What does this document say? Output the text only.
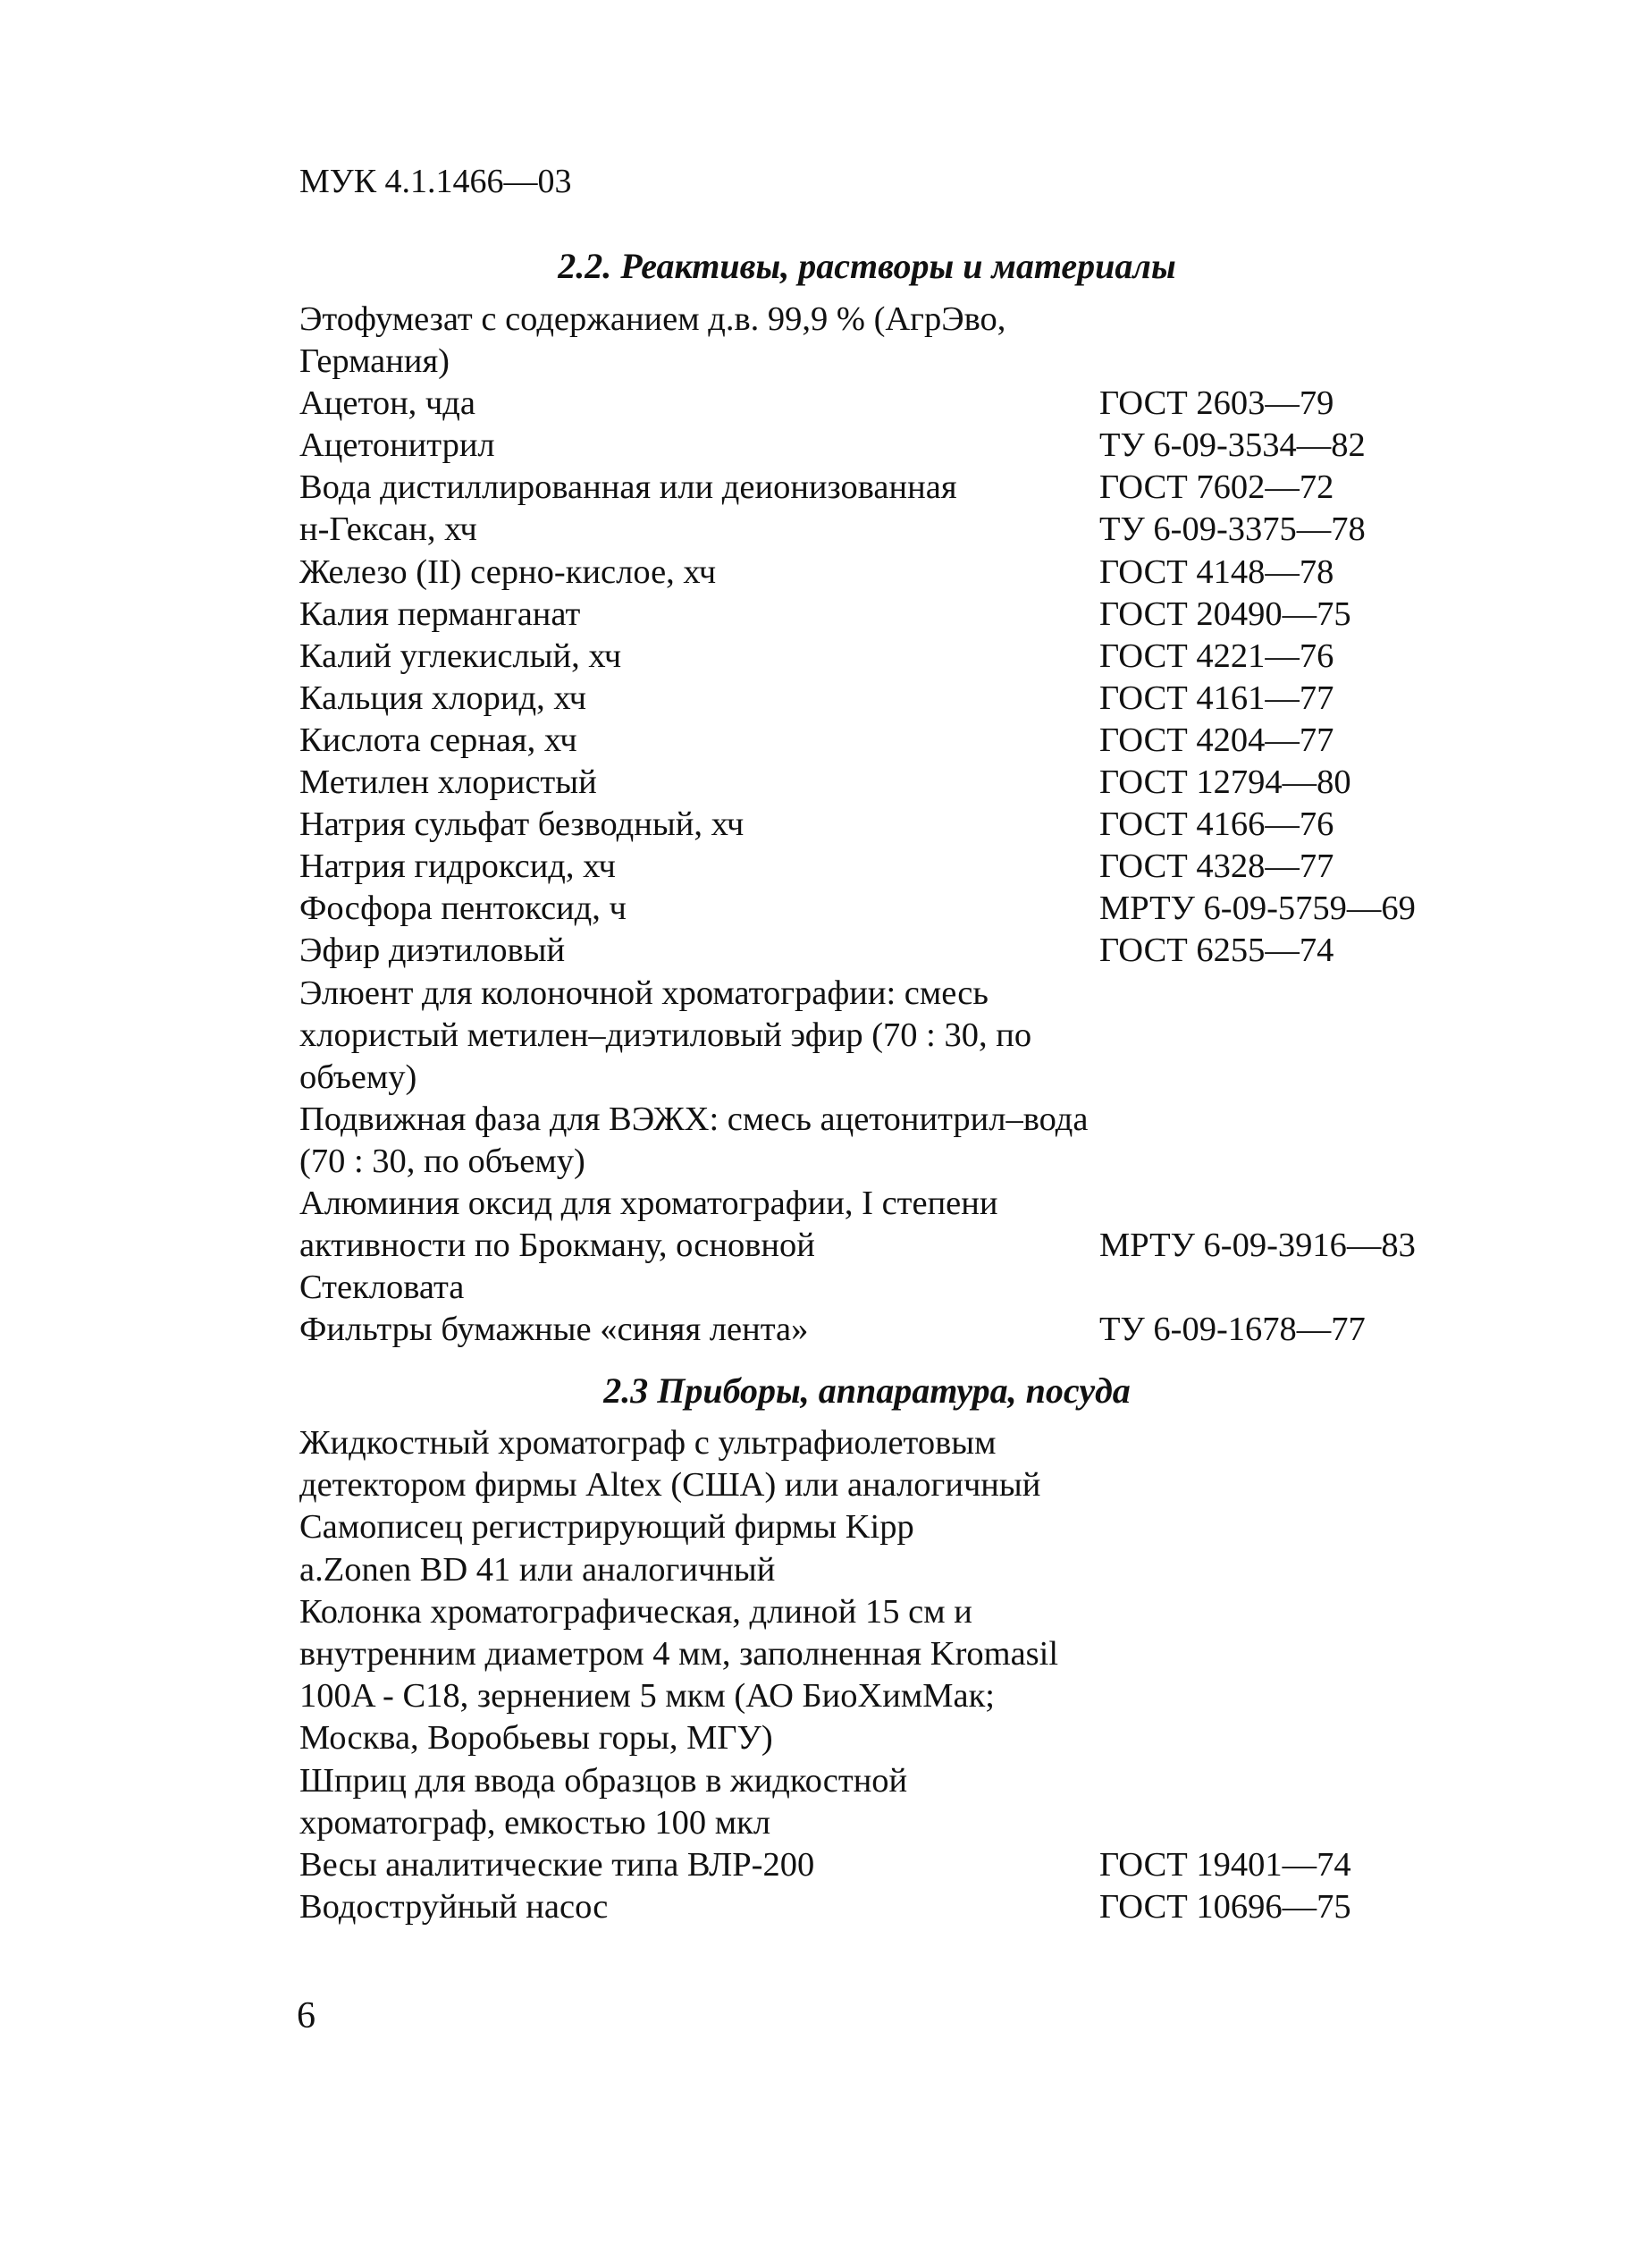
МУК 4.1.1466—03
2.2. Реактивы, растворы и материалы
Этофумезат с содержанием д.в. 99,9 % (АгрЭво, Германия)
Ацетон, чда	ГОСТ 2603—79
Ацетонитрил	ТУ 6-09-3534—82
Вода дистиллированная или деионизованная	ГОСТ 7602—72
н-Гексан, хч	ТУ 6-09-3375—78
Железо (II) серно-кислое, хч	ГОСТ 4148—78
Калия перманганат	ГОСТ 20490—75
Калий углекислый, хч	ГОСТ 4221—76
Кальция хлорид, хч	ГОСТ 4161—77
Кислота серная, хч	ГОСТ 4204—77
Метилен хлористый	ГОСТ 12794—80
Натрия сульфат безводный, хч	ГОСТ 4166—76
Натрия гидроксид, хч	ГОСТ 4328—77
Фосфора пентоксид, ч	МРТУ 6-09-5759—69
Эфир диэтиловый	ГОСТ 6255—74
Элюент для колоночной хроматографии: смесь хлористый метилен–диэтиловый эфир (70 : 30, по объему)
Подвижная фаза для ВЭЖХ: смесь ацетонитрил–вода (70 : 30, по объему)
Алюминия оксид для хроматографии, I степени активности по Брокману, основной	МРТУ 6-09-3916—83
Стекловата
Фильтры бумажные «синяя лента»	ТУ 6-09-1678—77
2.3 Приборы, аппаратура, посуда
Жидкостный хроматограф с ультрафиолетовым детектором фирмы Altex (США) или аналогичный
Самописец регистрирующий фирмы Kipp a.Zonen BD 41 или аналогичный
Колонка хроматографическая, длиной 15 см и внутренним диаметром 4 мм, заполненная Kromasil 100A - C18, зернением 5 мкм (АО БиоХимМак; Москва, Воробьевы горы, МГУ)
Шприц для ввода образцов в жидкостной хроматограф, емкостью 100 мкл
Весы аналитические типа ВЛР-200	ГОСТ 19401—74
Водоструйный насос	ГОСТ 10696—75
6
